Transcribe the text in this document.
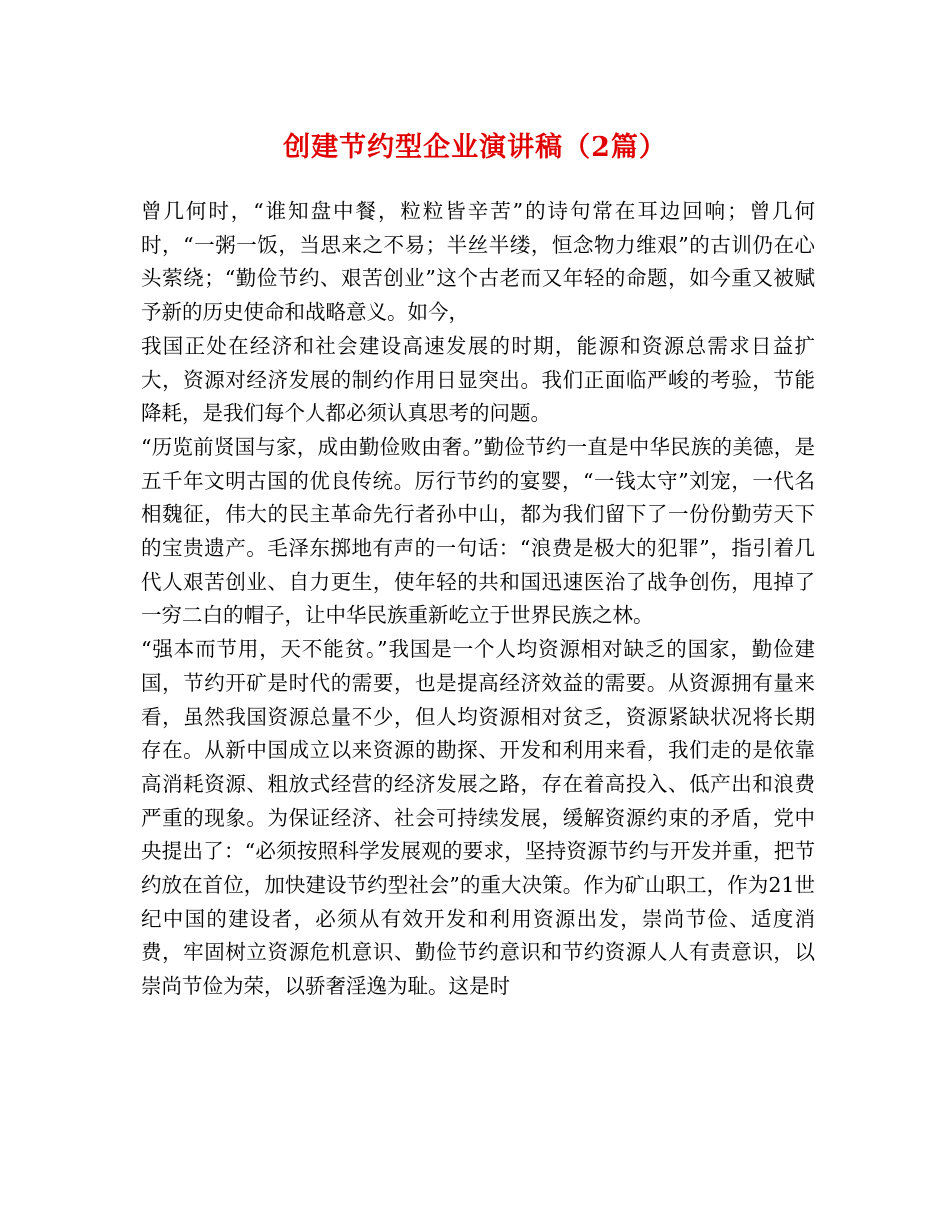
创建节约型企业演讲稿（2篇）

曾几何时，“谁知盘中餐，粒粒皆辛苦”的诗句常在耳边回响；曾几何时，“一粥一饭，当思来之不易；半丝半缕，恒念物力维艰”的古训仍在心头萦绕；“勤俭节约、艰苦创业”这个古老而又年轻的命题，如今重又被赋予新的历史使命和战略意义。如今，

我国正处在经济和社会建设高速发展的时期，能源和资源总需求日益扩大，资源对经济发展的制约作用日显突出。我们正面临严峻的考验，节能降耗，是我们每个人都必须认真思考的问题。

“历览前贤国与家，成由勤俭败由奢。”勤俭节约一直是中华民族的美德，是五千年文明古国的优良传统。厉行节约的宴婴，“一钱太守”刘宠，一代名相魏征，伟大的民主革命先行者孙中山，都为我们留下了一份份勤劳天下的宝贵遗产。毛泽东掷地有声的一句话：“浪费是极大的犯罪”，指引着几代人艰苦创业、自力更生，使年轻的共和国迅速医治了战争创伤，甩掉了一穷二白的帽子，让中华民族重新屹立于世界民族之林。

“强本而节用，天不能贫。”我国是一个人均资源相对缺乏的国家，勤俭建国，节约开矿是时代的需要，也是提高经济效益的需要。从资源拥有量来看，虽然我国资源总量不少，但人均资源相对贫乏，资源紧缺状况将长期存在。从新中国成立以来资源的勘探、开发和利用来看，我们走的是依靠高消耗资源、粗放式经营的经济发展之路，存在着高投入、低产出和浪费严重的现象。为保证经济、社会可持续发展，缓解资源约束的矛盾，党中央提出了：“必须按照科学发展观的要求，坚持资源节约与开发并重，把节约放在首位，加快建设节约型社会”的重大决策。作为矿山职工，作为21世纪中国的建设者，必须从有效开发和利用资源出发，崇尚节俭、适度消费，牢固树立资源危机意识、勤俭节约意识和节约资源人人有责意识，以崇尚节俭为荣，以骄奢淫逸为耻。这是时
